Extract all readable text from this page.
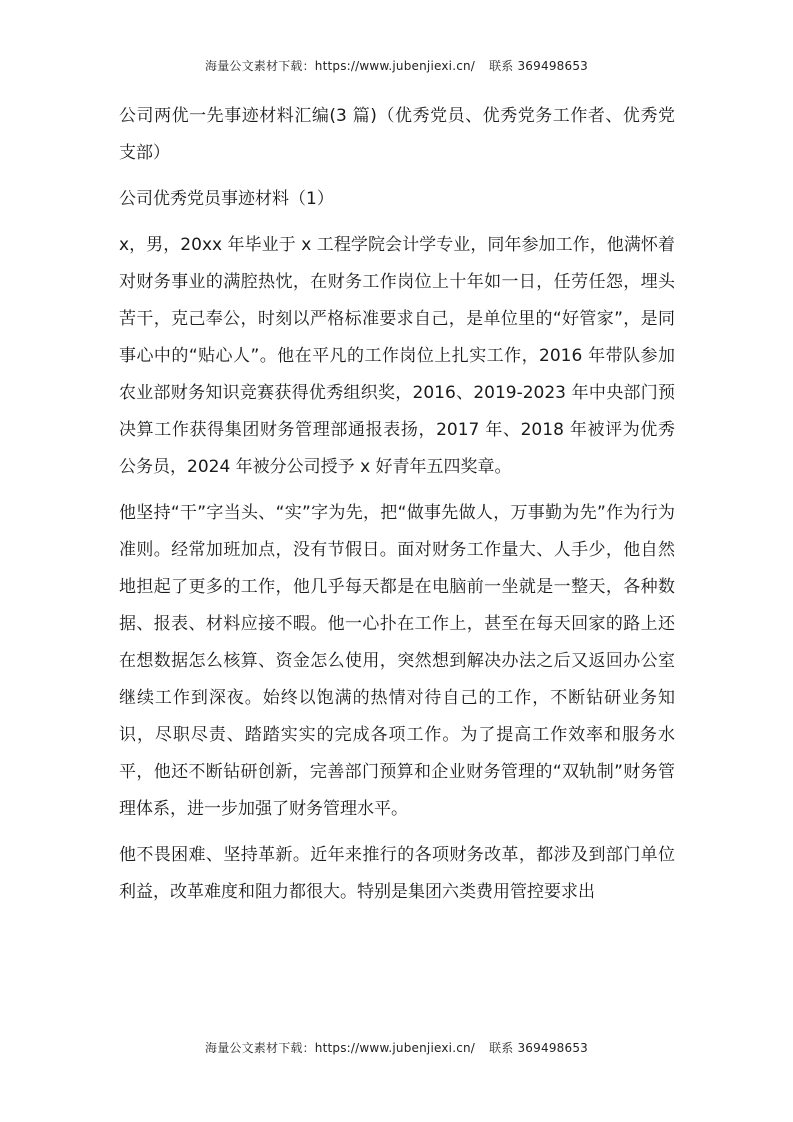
海量公文素材下载：https://www.jubenjiexi.cn/ 联系 369498653

公司两优一先事迹材料汇编(3 篇)（优秀党员、优秀党务工作者、优秀党支部）

公司优秀党员事迹材料（1）

x，男，20xx 年毕业于 x 工程学院会计学专业，同年参加工作，他满怀着对财务事业的满腔热忱，在财务工作岗位上十年如一日，任劳任怨，埋头苦干，克己奉公，时刻以严格标准要求自己，是单位里的“好管家”，是同事心中的“贴心人”。他在平凡的工作岗位上扎实工作，2016 年带队参加农业部财务知识竞赛获得优秀组织奖，2016、2019-2023 年中央部门预决算工作获得集团财务管理部通报表扬，2017 年、2018 年被评为优秀公务员，2024 年被分公司授予 x 好青年五四奖章。

他坚持“干”字当头、“实”字为先，把“做事先做人，万事勤为先”作为行为准则。经常加班加点，没有节假日。面对财务工作量大、人手少，他自然地担起了更多的工作，他几乎每天都是在电脑前一坐就是一整天，各种数据、报表、材料应接不暇。他一心扑在工作上，甚至在每天回家的路上还在想数据怎么核算、资金怎么使用，突然想到解决办法之后又返回办公室继续工作到深夜。始终以饱满的热情对待自己的工作，不断钻研业务知识，尽职尽责、踏踏实实的完成各项工作。为了提高工作效率和服务水平，他还不断钻研创新，完善部门预算和企业财务管理的“双轨制”财务管理体系，进一步加强了财务管理水平。

他不畏困难、坚持革新。近年来推行的各项财务改革，都涉及到部门单位利益，改革难度和阻力都很大。特别是集团六类费用管控要求出

海量公文素材下载：https://www.jubenjiexi.cn/ 联系 369498653
